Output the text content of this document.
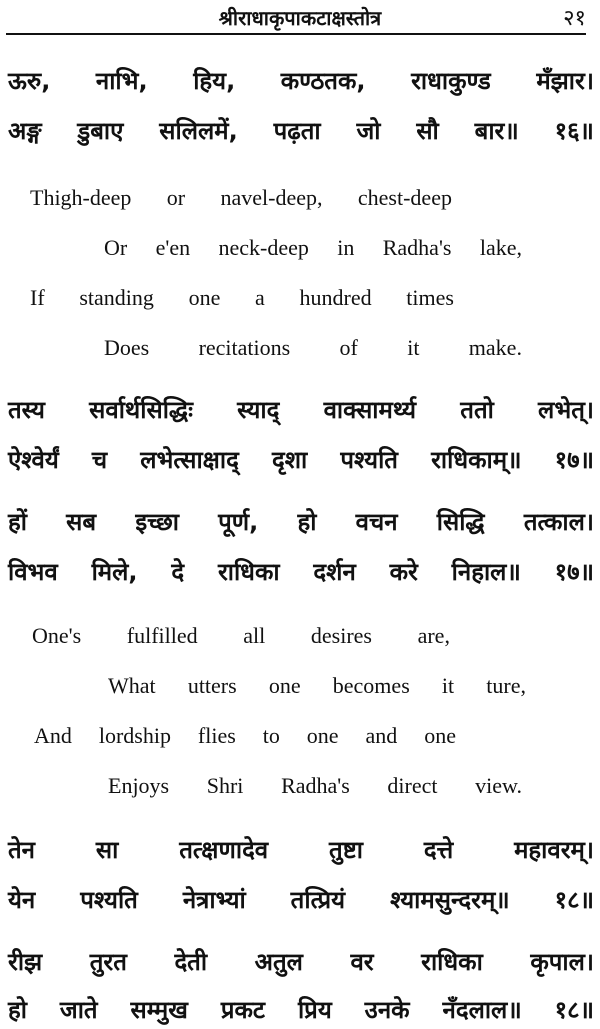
श्रीराधाकृपाकटाक्षस्तोत्र	२१
ऊरु, नाभि, हिय, कण्ठतक, राधाकुण्ड मँझार।
अङ्ग डुबाए सलिलमें, पढ़ता जो सौ बार॥ १६॥
Thigh-deep or navel-deep, chest-deep
Or e'en neck-deep in Radha's lake,
If standing one a hundred times
Does recitations of it make.
तस्य सर्वार्थसिद्धिः स्याद् वाक्सामर्थ्य ततो लभेत्।
ऐश्वेर्यं च लभेत्साक्षाद् दृशा पश्यति राधिकाम्॥ १७॥
हों सब इच्छा पूर्ण, हो वचन सिद्धि तत्काल।
विभव मिले, दे राधिका दर्शन करे निहाल॥ १७॥
One's fulfilled all desires are,
What utters one becomes it ture,
And lordship flies to one and one
Enjoys Shri Radha's direct view.
तेन	सा	तत्क्षणादेव	तुष्टा	दत्ते	महावरम्।
येन पश्यति नेत्राभ्यां तत्प्रियं श्यामसुन्दरम्॥ १८॥
रीझ तुरत देती अतुल वर राधिका कृपाल।
हो जाते सम्मुख प्रकट प्रिय उनके नँदलाल॥ १८॥
